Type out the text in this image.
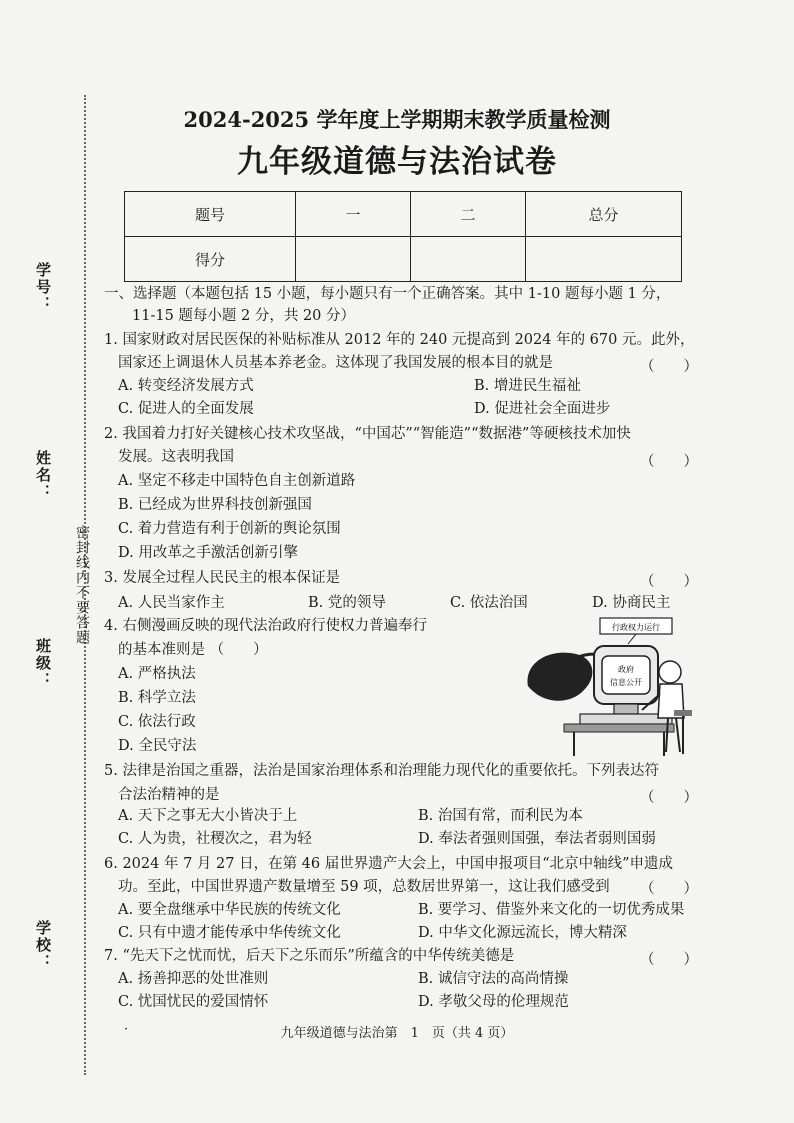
学号：
姓名：
班级：
学校：
密封线内不要答题
2024-2025 学年度上学期期末教学质量检测
九年级道德与法治试卷
题号	一	二	总分
得分			
一、选择题（本题包括 15 小题，每小题只有一个正确答案。其中 1-10 题每小题 1 分，
11-15 题每小题 2 分，共 20 分）
1. 国家财政对居民医保的补贴标准从 2012 年的 240 元提高到 2024 年的 670 元。此外，
国家还上调退休人员基本养老金。这体现了我国发展的根本目的就是	（　　）
A. 转变经济发展方式	B. 增进民生福祉
C. 促进人的全面发展	D. 促进社会全面进步
2. 我国着力打好关键核心技术攻坚战，“中国芯”“智能造”“数据港”等硬核技术加快
发展。这表明我国	（　　）
A. 坚定不移走中国特色自主创新道路
B. 已经成为世界科技创新强国
C. 着力营造有利于创新的舆论氛围
D. 用改革之手激活创新引擎
3. 发展全过程人民民主的根本保证是	（　　）
A. 人民当家作主	B. 党的领导	C. 依法治国	D. 协商民主
4. 右侧漫画反映的现代法治政府行使权力普遍奉行
的基本准则是 （　　）
A. 严格执法
B. 科学立法
C. 依法行政
D. 全民守法
行政权力运行
政府
信息公开
5. 法律是治国之重器，法治是国家治理体系和治理能力现代化的重要依托。下列表达符
合法治精神的是	（　　）
A. 天下之事无大小皆决于上	B. 治国有常，而利民为本
C. 人为贵，社稷次之，君为轻	D. 奉法者强则国强，奉法者弱则国弱
6. 2024 年 7 月 27 日，在第 46 届世界遗产大会上，中国申报项目“北京中轴线”申遗成
功。至此，中国世界遗产数量增至 59 项，总数居世界第一，这让我们感受到 （　　）
A. 要全盘继承中华民族的传统文化	B. 要学习、借鉴外来文化的一切优秀成果
C. 只有中遗才能传承中华传统文化	D. 中华文化源远流长，博大精深
7. “先天下之忧而忧，后天下之乐而乐”所蕴含的中华传统美德是	（　　）
A. 扬善抑恶的处世准则	B. 诚信守法的高尚情操
C. 忧国忧民的爱国情怀	D. 孝敬父母的伦理规范
·	九年级道德与法治第　1　页（共 4 页）
